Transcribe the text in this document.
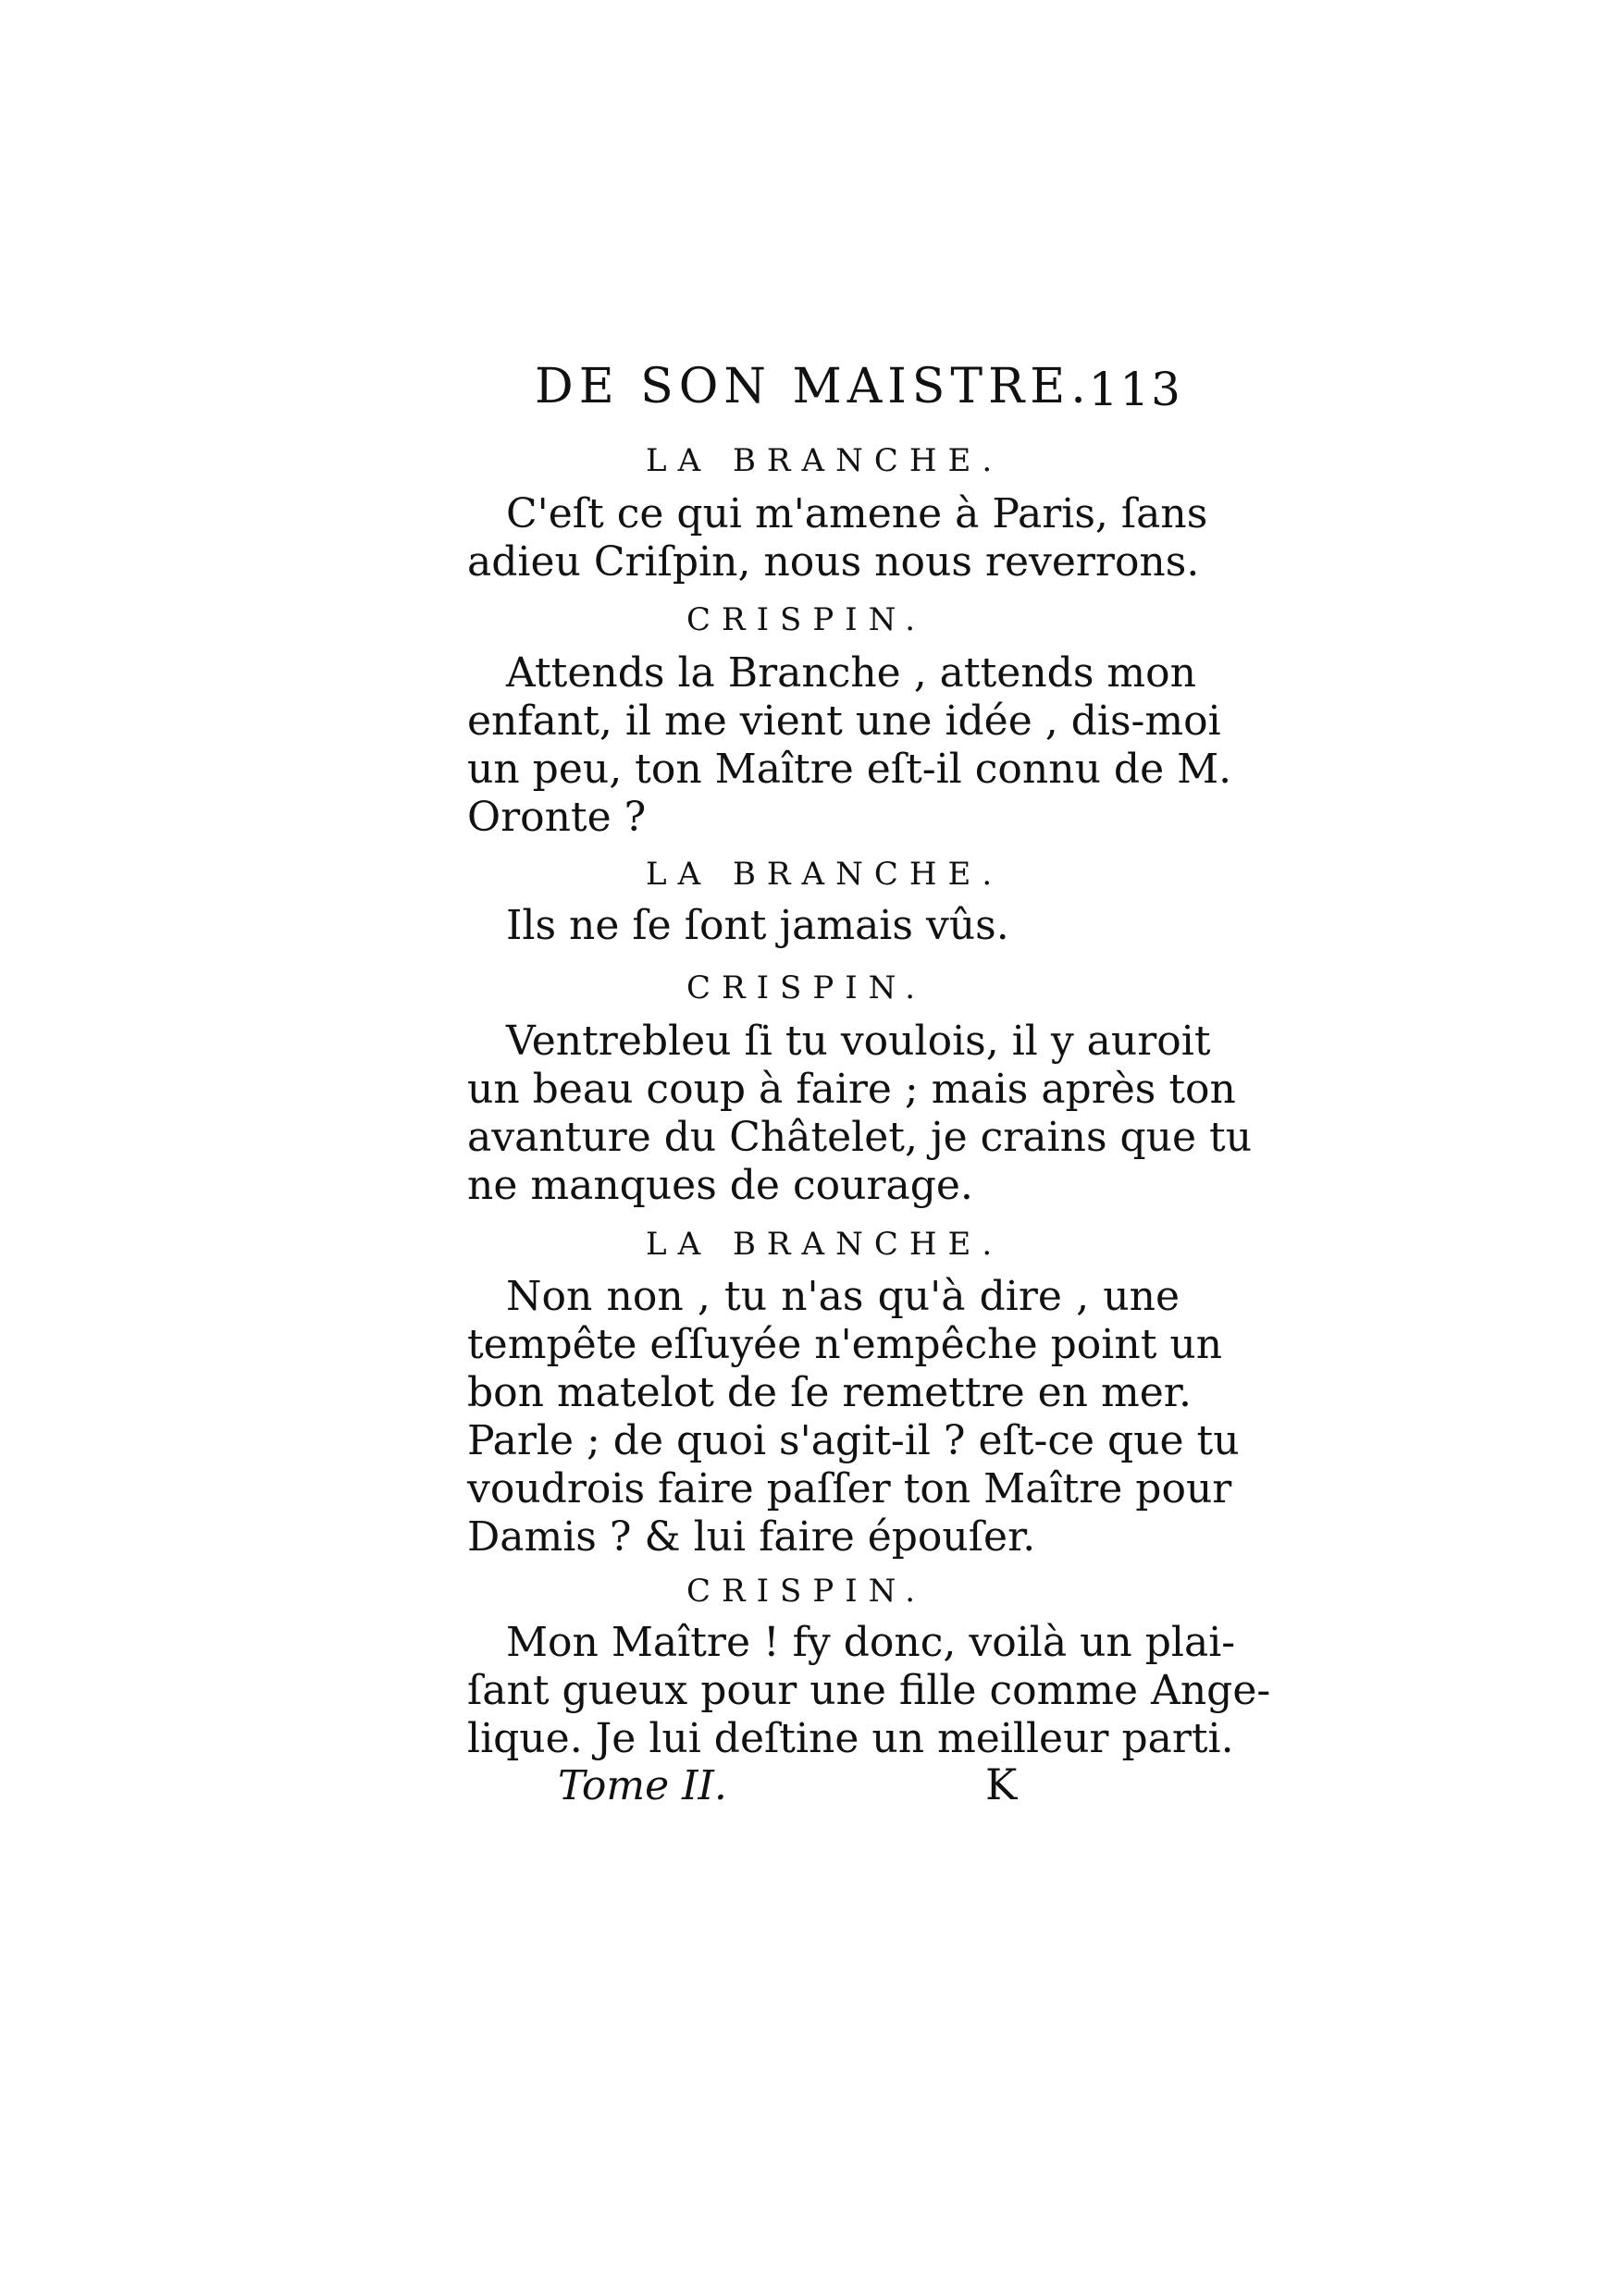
DE SON MAISTRE.
113
LA BRANCHE.
C'eſt ce qui m'amene à Paris, ſans
adieu Criſpin, nous nous reverrons.
CRISPIN.
Attends la Branche , attends mon
enfant, il me vient une idée , dis-moi
un peu, ton Maître eſt-il connu de M.
Oronte ?
LA BRANCHE.
Ils ne ſe ſont jamais vûs.
CRISPIN.
Ventrebleu ſi tu voulois, il y auroit
un beau coup à faire ; mais après ton
avanture du Châtelet, je crains que tu
ne manques de courage.
LA BRANCHE.
Non non , tu n'as qu'à dire , une
tempête eſſuyée n'empêche point un
bon matelot de ſe remettre en mer.
Parle ; de quoi s'agit-il ? eſt-ce que tu
voudrois faire paſſer ton Maître pour
Damis ? & lui faire épouſer.
CRISPIN.
Mon Maître ! fy donc, voilà un plai-
ſant gueux pour une fille comme Ange-
lique. Je lui deſtine un meilleur parti.
Tome II.	K
